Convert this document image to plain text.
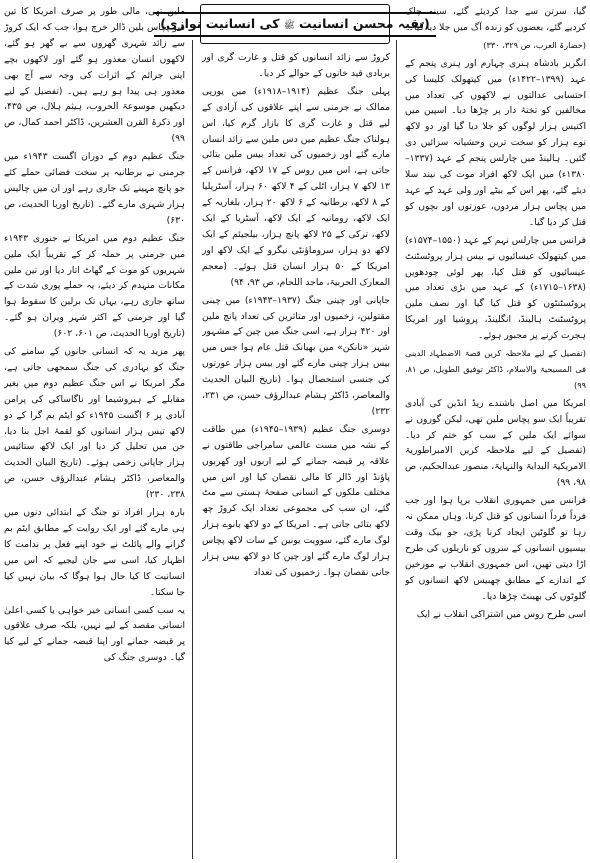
(بقیہ محسن انسانیت ﷺ کی انسانیت نوازی)

گیا، سرتن سے جدا کردیئے گئے، سینہ چاک کردیے گئے، بعضوں کو زندہ آگ میں جلا دیا گیا۔

(حضارۃ العرب، ص ۳۲۹، ۳۳۰)

انگریز بادشاہ ہنری چہارم اور ہنری پنجم کے عہد (۱۳۹۹–۱۴۲۲ء) میں کیتھولک کلیسا کی احتسابی عدالتوں نے لاکھوں کی تعداد میں مخالفین کو تختۂ دار پر چڑھا دیا۔ اسپین میں اکتیس ہزار لوگوں کو جلا دیا گیا اور دو لاکھ نوے ہزار کو سخت ترین وحشیانہ سزائیں دی گئیں۔ ہالینڈ میں چارلس پنجم کے عہد (۱۳۳۷–۱۳۸۰ء) میں ایک لاکھ افراد موت کی نیند سلا دیئے گئے، پھر اس کے بیٹے اور ولی عہد کے عہد میں پچاس ہزار مردوں، عورتوں اور بچوں کو قتل کر دیا گیا۔

فرانس میں چارلس نہم کے عہد (۱۵۵۰–۱۵۷۴ء) میں کیتھولک عیسائیوں نے بیس ہزار پروٹسٹنٹ عیسائیوں کو قتل کیا، پھر لوئی چودھویں (۱۶۳۸–۱۷۱۵ء) کے عہد میں بڑی تعداد میں پروٹسٹنٹوں کو قتل کیا گیا اور نصف ملین پروٹسٹنٹ ہالینڈ، انگلینڈ، پروشیا اور امریکا ہجرت کرنے پر مجبور ہوئے۔

(تفصیل کے لیے ملاحظہ کریں قصۃ الاضطہاد الدینی فی المسیحیۃ والاسلام، ڈاکٹر توفیق الطویل، ص ۸۱، ۹۹)

امریکا میں اصل باشندے ریڈ انڈین کی آبادی تقریباً ایک سو پچاس ملین تھی، لیکن گوروں نے سوائے ایک ملین کے سب کو ختم کر دیا۔ (تفصیل کے لیے ملاحظہ کریں الامبراطوریۃ الامریکیۃ البدایۃ والنہایۃ، منصور عبدالحکیم، ص ۹۸، ۹۹)

فرانس میں جمہوری انقلاب برپا ہوا اور جب فرداً فرداً انسانوں کو قتل کرنا، وہاں ممکن نہ رہا تو گلوٹین ایجاد کرنا پڑی، جو بیک وقت بیسیوں انسانوں کے سروں کو ناریلوں کی طرح اڑا دیتی تھیں، اس جمہوری انقلاب نے مورخین کے اندازے کے مطابق چھبیس لاکھ انسانوں کو گلوٹوں کی بھینٹ چڑھا دیا۔

اسی طرح روس میں اشتراکی انقلاب نے ایک

کروڑ سے زائد انسانوں کو قتل و غارت گری اور بربادی قید خانوں کے حوالے کر دیا۔

پہلی جنگ عظیم (۱۹۱۴–۱۹۱۸ء) میں یورپی ممالک نے جرمنی سے اپنے علاقوں کی آزادی کے لیے قتل و غارت گری کا بازار گرم کیا، اس ہولناک جنگ عظیم میں دس ملین سے زائد انسان مارے گئے اور زخمیوں کی تعداد بیس ملین بتائی جاتی ہے، اس میں روس کے ۱۷ لاکھ، فرانس کے ۱۳ لاکھ ۷ ہزار، اٹلی کے ۴ لاکھ ۶۰ ہزار، آسٹریلیا کے ۸ لاکھ، برطانیہ کے ۶ لاکھ ۲۰ ہزار، بلغاریہ کے ایک لاکھ، رومانیہ کے ایک لاکھ، آسٹریا کے ایک لاکھ، ترکی کے ۲۵ لاکھ پانچ ہزار، بیلجیئم کے ایک لاکھ دو ہزار، سروماؤنٹی نیگرو کے ایک لاکھ اور امریکا کے ۵۰ ہزار انسان قتل ہوئے۔ (معجم المعارک الحربیۃ، ماجد اللحام، ص ۹۳، ۹۴)

جاپانی اور چینی جنگ (۱۹۳۷–۱۹۴۳ء) میں چینی مقتولین، زخمیوں اور متاثرین کی تعداد پانچ ملین اور ۴۲۰ ہزار ہے، اسی جنگ میں چین کے مشہور شہر «نانکن» میں بھیانک قتل عام ہوا جس میں بیس ہزار چینی مارے گئے اور بیس ہزار عورتوں کی جنسی استحصال ہوا۔ (تاریخ البیان الحدیث والمعاصر، ڈاکٹر ہشام عبدالرؤف حسن، ص ۲۳۱، ۲۳۲)

دوسری جنگ عظیم (۱۹۳۹–۱۹۴۵ء) میں طاقت کے نشہ میں مست عالمی سامراجی طاقتوں نے علاقہ پر قبضہ جمانے کے لیے اربوں اور کھربوں پاؤنڈ اور ڈالر کا مالی نقصان کیا اور اس میں مختلف ملکوں کے انسانی صفحۂ ہستی سے مٹ گئے، ان سب کی مجموعی تعداد ایک کروڑ چھ لاکھ بتائی جاتی ہے۔ امریکا کے دو لاکھ بانوے ہزار لوگ مارے گئے، سوویت یونین کے سات لاکھ پچاس ہزار لوگ مارے گئے اور چین کا دو لاکھ بیس ہزار جانی نقصان ہوا۔ زخمیوں کی تعداد

ملین تھی، مالی طور پر صرف امریکا کا تین سو پچاس بلین ڈالر خرچ ہوا، جب کہ ایک کروڑ سے زائد شہری گھروں سے بے گھر ہو گئے، لاکھوں انسان معذور ہو گئے اور لاکھوں بچے اپنی جرائم کے اثرات کی وجہ سے آج بھی معذور ہی پیدا ہو رہے ہیں۔ (تفصیل کے لیے دیکھیں موسوعۃ الحروب، ہیثم ہلال، ص ۴۳۵، اور ذکرۃ القرن العشرین، ڈاکٹر احمد کمال، ص ۹۹)

جنگ عظیم دوم کے دوران اگست ۱۹۴۳ء میں جرمنی نے برطانیہ پر سخت فضائی حملے کئے جو پانچ مہینے تک جاری رہے اور ان میں چالیس ہزار شہری مارے گئے۔ (تاریخ اوربا الحدیث، ص ۶۳۰)

جنگ عظیم دوم میں امریکا نے جنوری ۱۹۴۳ء میں جرمنی پر حملہ کر کے تقریباً ایک ملین شہریوں کو موت کے گھاٹ اتار دیا اور تین ملین مکانات منہدم کر دیئے، یہ حملے پوری شدت کے ساتھ جاری رہے، یہاں تک برلین کا سقوط ہوا گیا اور جرمنی کے اکثر شہر ویران ہو گئے۔ (تاریخ اوربا الحدیث، ص ۶۰۱، ۶۰۲)

پھر مزید یہ کہ انسانی جانوں کے سامنے کی جنگ کو بہادری کی جنگ سمجھی جاتی ہے، مگر امریکا نے اس جنگ عظیم دوم میں بغیر مقابلے کے ہیروشیما اور ناگاساکی کی پرامن آبادی پر ۶ اگست ۱۹۴۵ء کو ایٹم بم گرا کے دو لاکھ تیس ہزار انسانوں کو لقمۂ اجل بنا دیا، جن میں تحلیل کر دیا اور ایک لاکھ ستائیس ہزار جاپانی زخمی ہوئے۔ (تاریخ البیان الحدیث والمعاصر، ڈاکٹر ہشام عبدالرؤف حسن، ص ۲۳۸، ۲۳۰)

بارہ ہزار افراد تو جنگ کے ابتدائی دنوں میں ہی مارے گئے اور ایک روایت کے مطابق ایٹم بم گرانے والے پائلٹ نے خود اپنے فعل پر ندامت کا اظہار کیا، اسی سے جان لیجیے کہ اس میں انسانیت کا کیا حال ہوا ہوگا کہ بیان نہیں کیا جا سکتا۔

یہ سب کسی انسانی خیر خواہی یا کسی اعلیٰ انسانی مقصد کے لیے نہیں، بلکہ صرف علاقوں پر قبضہ جمانے اور اپنا قبضہ جمانے کے لیے کیا گیا۔ دوسری جنگ کی
